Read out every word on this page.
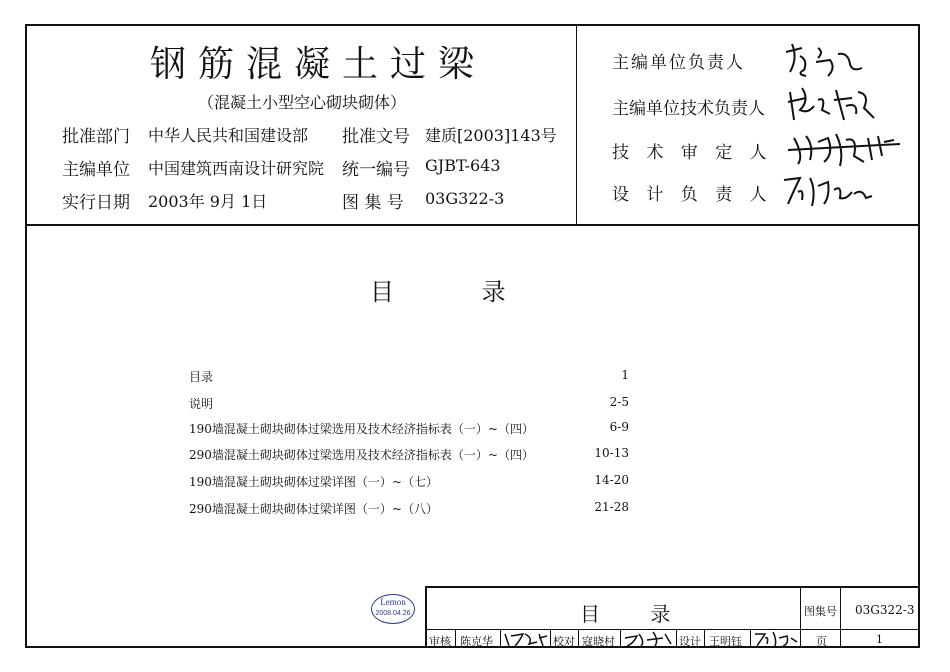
钢筋混凝土过梁
（混凝土小型空心砌块砌体）
批准部门 中华人民共和国建设部 批准文号 建质[2003]143号
主编单位 中国建筑西南设计研究院 统一编号 GJBT-643
实行日期 2003年 9月 1日	图 集 号 03G322-3
主编单位负责人
主编单位技术负责人
技 术 审 定 人
设 计 负 责 人
目 录
目录	1
说明	2-5
190墙混凝土砌块砌体过梁选用及技术经济指标表（一）~（四）	6-9
290墙混凝土砌块砌体过梁选用及技术经济指标表（一）~（四）	10-13
190墙混凝土砌块砌体过梁详图（一）~（七）	14-20
290墙混凝土砌块砌体过梁详图（一）~（八）	21-28
Lemon
2008.04.26	目 录	图集号 03G322-3
审核 陈克华	校对 寇晓村	设计 王明钰	页	1
